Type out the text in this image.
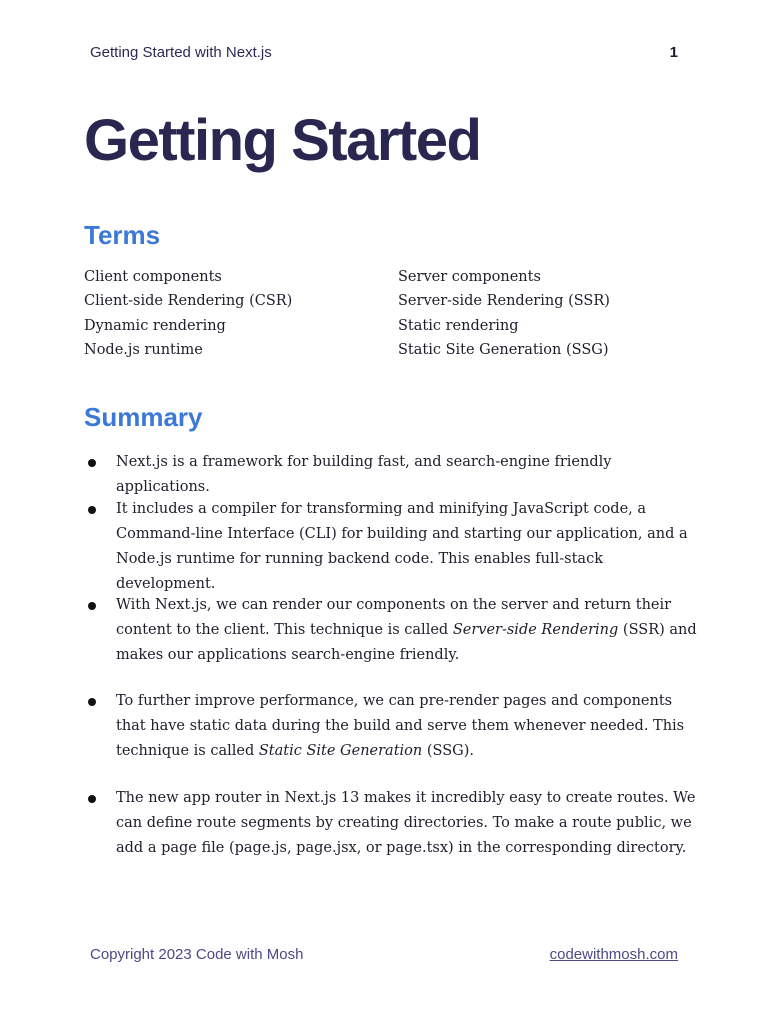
Getting Started with Next.js	1
Getting Started
Terms
Client components	Server components
Client-side Rendering (CSR)	Server-side Rendering (SSR)
Dynamic rendering	Static rendering
Node.js runtime	Static Site Generation (SSG)
Summary

Next.js is a framework for building fast, and search-engine friendly applications.

It includes a compiler for transforming and minifying JavaScript code, a Command-line Interface (CLI) for building and starting our application, and a Node.js runtime for running backend code. This enables full-stack development.

With Next.js, we can render our components on the server and return their content to the client. This technique is called Server-side Rendering (SSR) and makes our applications search-engine friendly.

To further improve performance, we can pre-render pages and components that have static data during the build and serve them whenever needed. This technique is called Static Site Generation (SSG).

The new app router in Next.js 13 makes it incredibly easy to create routes. We can define route segments by creating directories. To make a route public, we add a page file (page.js, page.jsx, or page.tsx) in the corresponding directory.

Copyright 2023 Code with Mosh	codewithmosh.com
